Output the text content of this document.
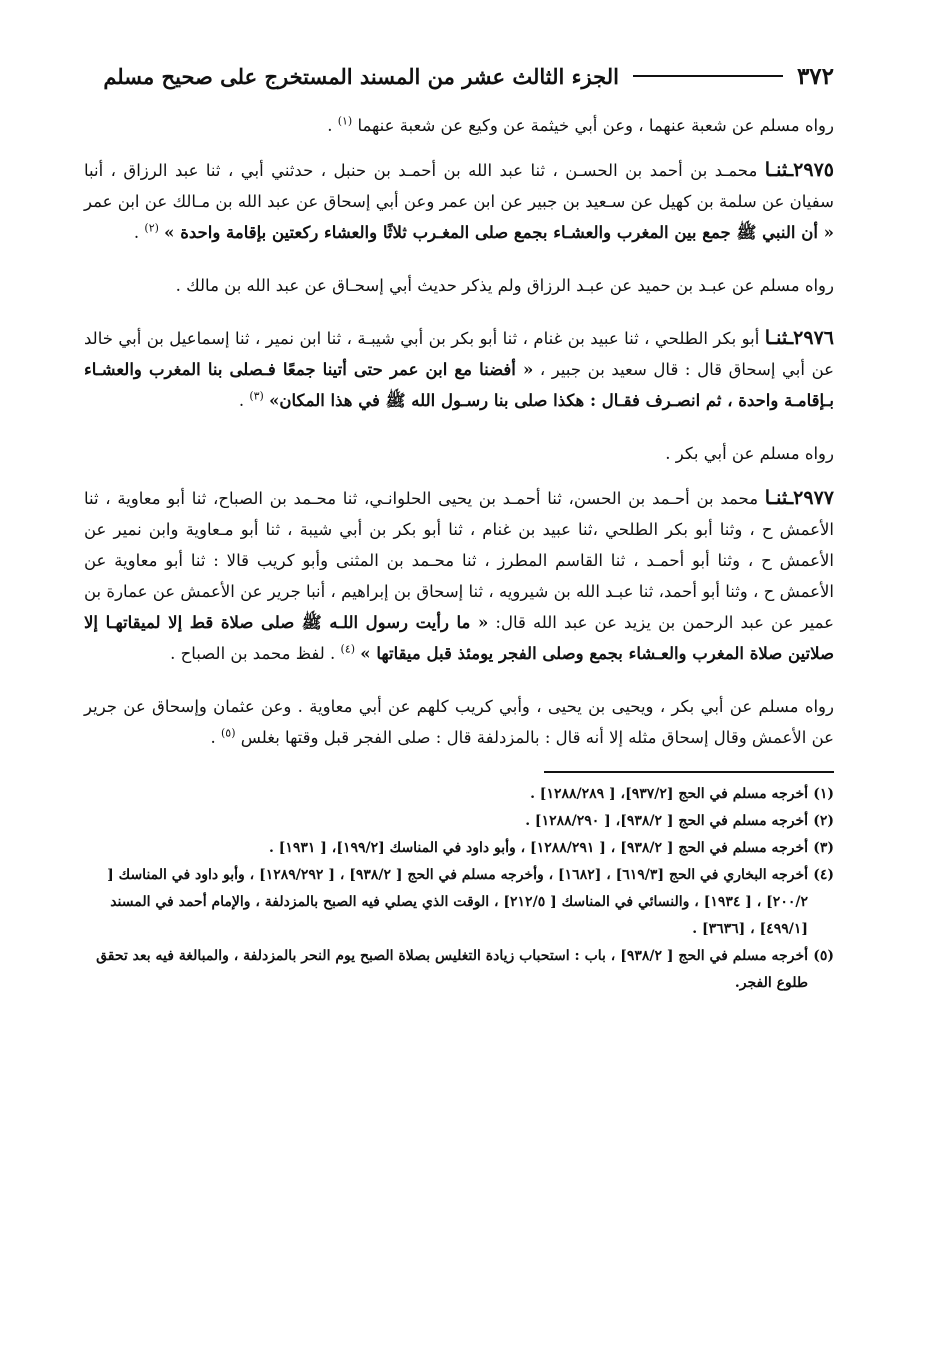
٣٧٢
الجزء الثالث عشر من المسند المستخرج على صحيح مسلم

رواه مسلم عن شعبة عنهما ، وعن أبي خيثمة عن وكيع عن شعبة عنهما $^{(١)}$ .

٢٩٧٥ـثنـا محمـد بن أحمد بن الحسـن ، ثنا عبد الله بن أحمـد بن حنبل ، حدثني أبي ، ثنا عبد الرزاق ، أنبا سفيان عن سلمة بن كهيل عن سـعيد بن جبير عن ابن عمر وعن أبي إسحاق عن عبد الله بن مـالك عن ابن عمر « أن النبي ﷺ جمع بين المغرب والعشـاء بجمع صلى المغـرب ثلاثًا والعشاء ركعتين بإقامة واحدة » $^{(٢)}$ .

رواه مسلم عن عبـد بن حميد عن عبـد الرزاق ولم يذكر حديث أبي إسحـاق عن عبد الله بن مالك .

٢٩٧٦ـثنـا أبو بكر الطلحي ، ثنا عبيد بن غنام ، ثنا أبو بكر بن أبي شيبـة ، ثنا ابن نمير ، ثنا إسماعيل بن أبي خالد عن أبي إسحاق قال : قال سعيد بن جبير ، « أفضنا مع ابن عمر حتى أتينا جمعًا فـصلى بنا المغرب والعشـاء بـإقامـة واحدة ، ثم انصـرف فقـال : هكذا صلى بنا رسـول الله ﷺ في هذا المكان» $^{(٣)}$ .

رواه مسلم عن أبي بكر .

٢٩٧٧ـثنـا محمد بن أحـمد بن الحسن، ثنا أحمـد بن يحيى الحلوانـي، ثنا محـمد بن الصباح، ثنا أبو معاوية ، ثنا الأعمش ح ، وثنا أبو بكر الطلحي ،ثنا عبيد بن غنام ، ثنا أبو بكر بن أبي شيبة ، ثنا أبو مـعاوية وابن نمير عن الأعمش ح ، وثنا أبو أحمـد ، ثنا القاسم المطرز ، ثنا محـمد بن المثنى وأبو كريب قالا : ثنا أبو معاوية عن الأعمش ح ، وثنا أبو أحمد، ثنا عبـد الله بن شيرويه ، ثنا إسحاق بن إبراهيم ، أنبا جرير عن الأعمش عن عمارة بن عمير عن عبد الرحمن بن يزيد عن عبد الله قال: « ما رأيت رسول اللـه ﷺ صلى صلاة قط إلا لميقاتهـا إلا صلاتين صلاة المغرب والعـشاء بجمع وصلى الفجر يومئذ قبل ميقاتها » $^{(٤)}$ . لفظ محمد بن الصباح .

رواه مسلم عن أبي بكر ، ويحيى بن يحيى ، وأبي كريب كلهم عن أبي معاوية . وعن عثمان وإسحاق عن جرير عن الأعمش وقال إسحاق مثله إلا أنه قال : بالمزدلفة قال : صلى الفجر قبل وقتها بغلس $^{(٥)}$ .

(١)أخرجه مسلم في الحج [٩٣٧/٢]، [ ١٢٨٨/٢٨٩] .

(٢)أخرجه مسلم في الحج [ ٩٣٨/٢]، [ ١٢٨٨/٢٩٠] .

(٣)أخرجه مسلم في الحج [ ٩٣٨/٢] ، [ ١٢٨٨/٢٩١] ، وأبو داود في المناسك [١٩٩/٢]، [ ١٩٣١] .

(٤)أخرجه البخاري في الحج [٦١٩/٣] ، [١٦٨٢] ، وأخرجه مسلم في الحج [ ٩٣٨/٢] ، [ ١٢٨٩/٢٩٢] ، وأبو داود في المناسك [ ٢٠٠/٢] ، [ ١٩٣٤] ، والنسائي في المناسك [ ٢١٢/٥] ، الوقت الذي يصلي فيه الصبح بالمزدلفة ، والإمام أحمد في المسند [٤٩٩/١] ، [٣٦٣٦] .

(٥)أخرجه مسلم في الحج [ ٩٣٨/٢] ، باب : استحباب زيادة التغليس بصلاة الصبح يوم النحر بالمزدلفة ، والمبالغة فيه بعد تحقق طلوع الفجر.
